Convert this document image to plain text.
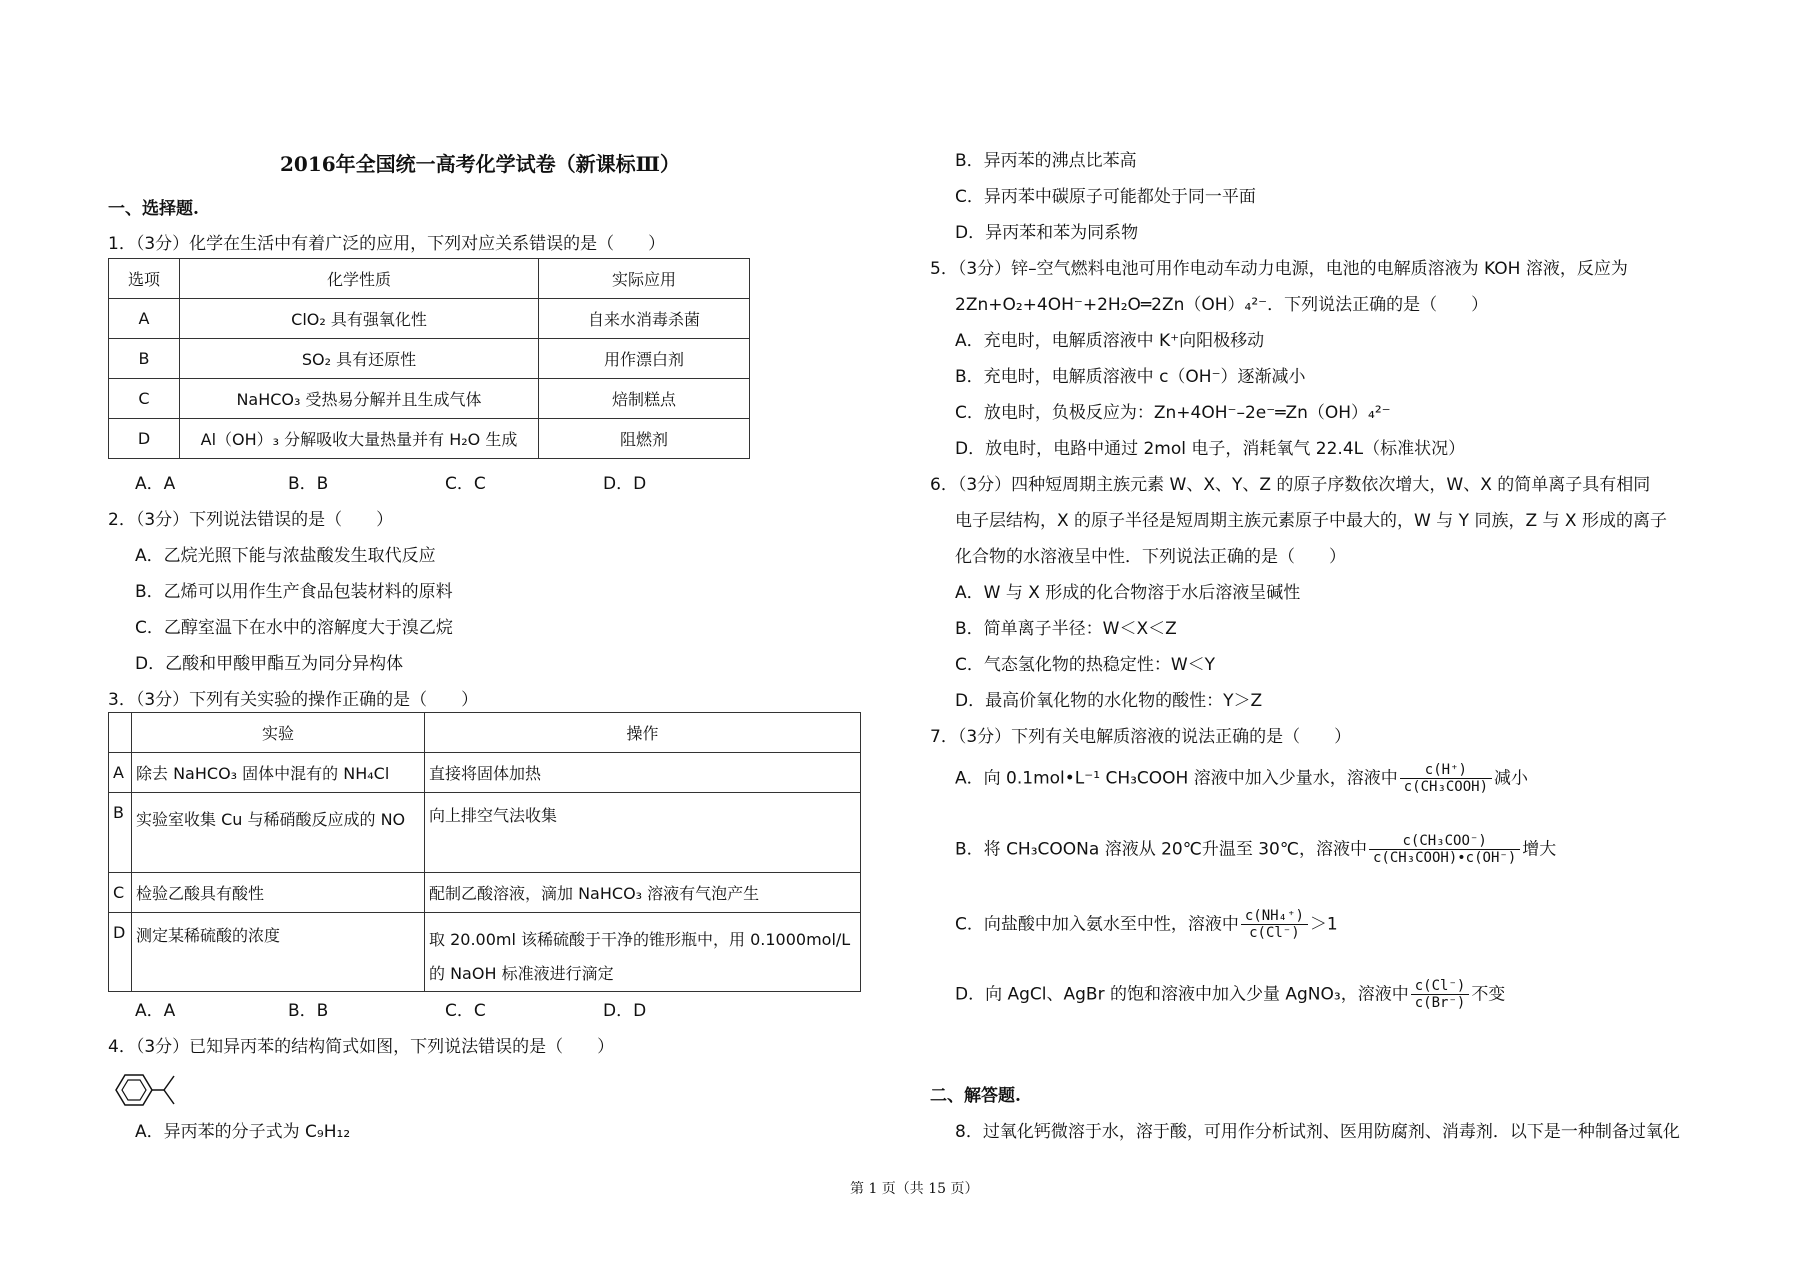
2016年全国统一高考化学试卷（新课标Ⅲ）
一、选择题.
1．（3分）化学在生活中有着广泛的应用，下列对应关系错误的是（　　）
选项	化学性质	实际应用
A	ClO₂ 具有强氧化性	自来水消毒杀菌
B	SO₂ 具有还原性	用作漂白剂
C	NaHCO₃ 受热易分解并且生成气体	焙制糕点
D	Al（OH）₃ 分解吸收大量热量并有 H₂O 生成	阻燃剂
A．A	B．B	C．C	D．D
2．（3分）下列说法错误的是（　　）
A．乙烷光照下能与浓盐酸发生取代反应
B．乙烯可以用作生产食品包装材料的原料
C．乙醇室温下在水中的溶解度大于溴乙烷
D．乙酸和甲酸甲酯互为同分异构体
3．（3分）下列有关实验的操作正确的是（　　）
	实验	操作
A	除去 NaHCO₃ 固体中混有的 NH₄Cl	直接将固体加热
B	实验室收集 Cu 与稀硝酸反应成的 NO	向上排空气法收集
C	检验乙酸具有酸性	配制乙酸溶液，滴加 NaHCO₃ 溶液有气泡产生
D	测定某稀硫酸的浓度	取 20.00ml 该稀硫酸于干净的锥形瓶中，用 0.1000mol/L 的 NaOH 标准液进行滴定
A．A	B．B	C．C	D．D
4．（3分）已知异丙苯的结构简式如图，下列说法错误的是（　　）
A．异丙苯的分子式为 C₉H₁₂
B．异丙苯的沸点比苯高
C．异丙苯中碳原子可能都处于同一平面
D．异丙苯和苯为同系物
5．（3分）锌–空气燃料电池可用作电动车动力电源，电池的电解质溶液为 KOH 溶液，反应为
2Zn+O₂+4OH⁻+2H₂O═2Zn（OH）₄²⁻．下列说法正确的是（　　）
A．充电时，电解质溶液中 K⁺向阳极移动
B．充电时，电解质溶液中 c（OH⁻）逐渐减小
C．放电时，负极反应为：Zn+4OH⁻–2e⁻═Zn（OH）₄²⁻
D．放电时，电路中通过 2mol 电子，消耗氧气 22.4L（标准状况）
6．（3分）四种短周期主族元素 W、X、Y、Z 的原子序数依次增大，W、X 的简单离子具有相同
电子层结构，X 的原子半径是短周期主族元素原子中最大的，W 与 Y 同族，Z 与 X 形成的离子
化合物的水溶液呈中性．下列说法正确的是（　　）
A．W 与 X 形成的化合物溶于水后溶液呈碱性
B．简单离子半径：W＜X＜Z
C．气态氢化物的热稳定性：W＜Y
D．最高价氧化物的水化物的酸性：Y＞Z
7．（3分）下列有关电解质溶液的说法正确的是（　　）
A．向 0.1mol•L⁻¹ CH₃COOH 溶液中加入少量水，溶液中 $\frac{c(H^+)}{\text{c(CH₃COOH)}}$ 减小
B．将 CH₃COONa 溶液从 20℃升温至 30℃，溶液中 $\frac{\text{c(CH₃COO⁻)}}{\text{c(CH₃COOH)•c(OH⁻)}}$ 增大
C．向盐酸中加入氨水至中性，溶液中 $\frac{\text{c(NH₄⁺)}}{c(Cl^-)} >1$
D．向 AgCl、AgBr 的饱和溶液中加入少量 AgNO₃，溶液中 $\frac{c(Cl^-)}{c(Br^-)}$ 不变
二、解答题.
8．过氧化钙微溶于水，溶于酸，可用作分析试剂、医用防腐剂、消毒剂．以下是一种制备过氧化
第 1 页（共 15 页）
